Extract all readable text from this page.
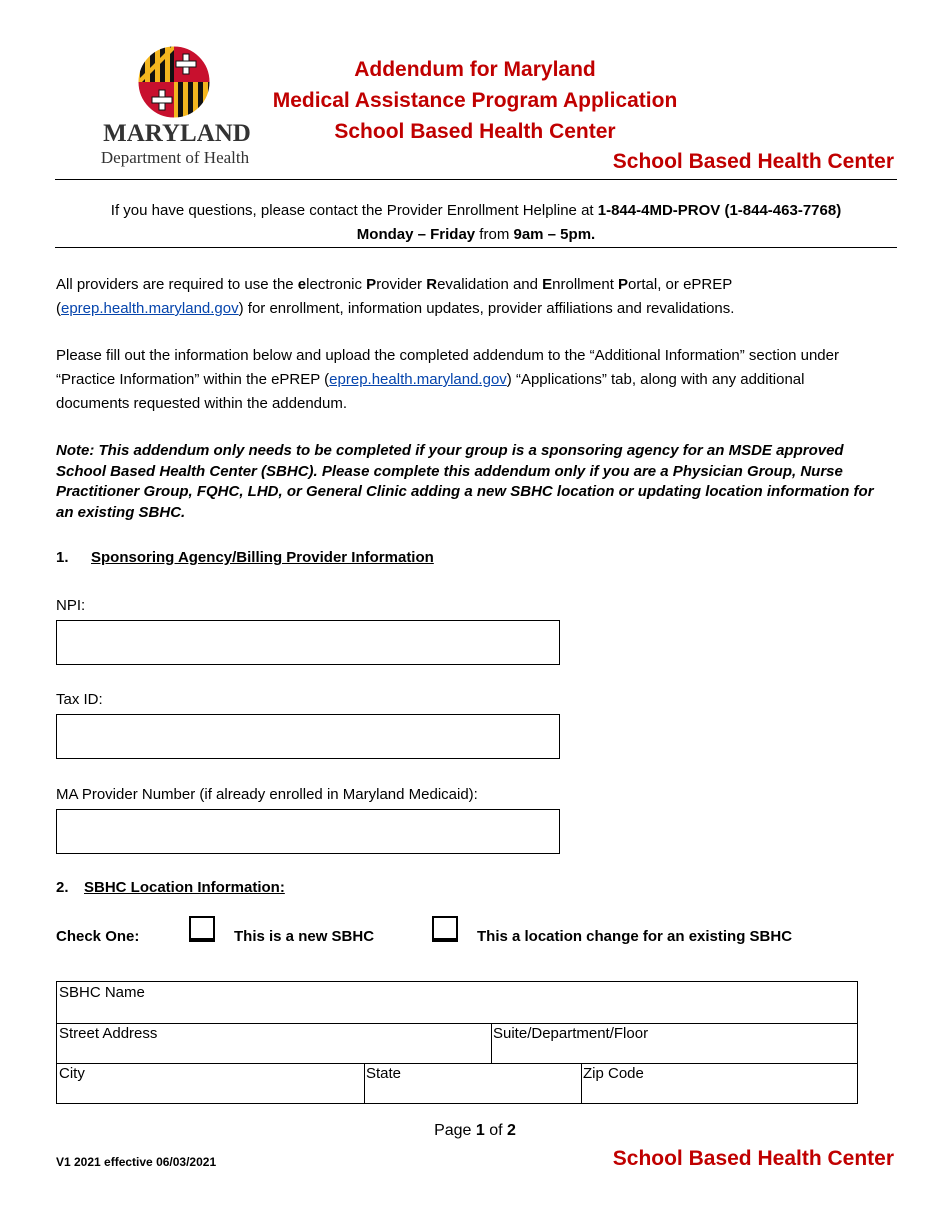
MARYLAND
Department of Health
Addendum for Maryland
Medical Assistance Program Application
School Based Health Center
School Based Health Center
If you have questions, please contact the Provider Enrollment Helpline at 1-844-4MD-PROV (1-844-463-7768)
Monday – Friday from 9am – 5pm.
All providers are required to use the electronic Provider Revalidation and Enrollment Portal, or ePREP
(eprep.health.maryland.gov) for enrollment, information updates, provider affiliations and revalidations.
Please fill out the information below and upload the completed addendum to the “Additional Information” section under “Practice Information” within the ePREP (eprep.health.maryland.gov) “Applications” tab, along with any additional documents requested within the addendum.
Note: This addendum only needs to be completed if your group is a sponsoring agency for an MSDE approved School Based Health Center (SBHC). Please complete this addendum only if you are a Physician Group, Nurse Practitioner Group, FQHC, LHD, or General Clinic adding a new SBHC location or updating location information for an existing SBHC.
1. Sponsoring Agency/Billing Provider Information
NPI:
Tax ID:
MA Provider Number (if already enrolled in Maryland Medicaid):
2. SBHC Location Information:
Check One:	This is a new SBHC	This a location change for an existing SBHC
SBHC Name
Street Address	Suite/Department/Floor
City	State	Zip Code
Page 1 of 2
V1 2021 effective 06/03/2021	School Based Health Center
